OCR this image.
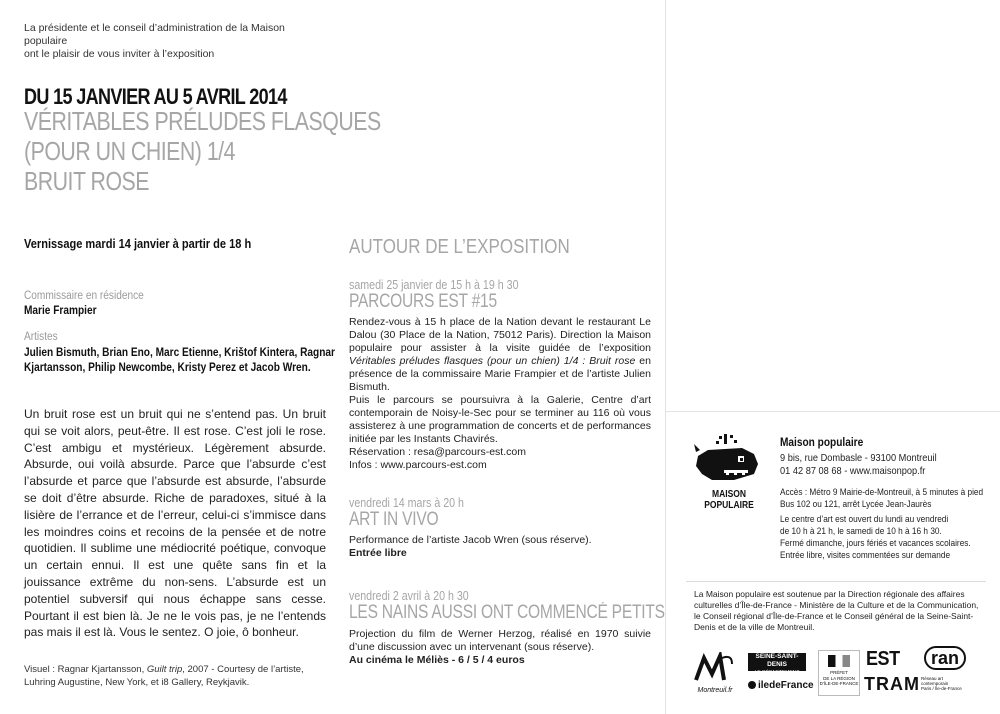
La présidente et le conseil d’administration de la Maison populaire
ont le plaisir de vous inviter à l’exposition
DU 15 JANVIER AU 5 AVRIL 2014
VÉRITABLES PRÉLUDES FLASQUES
(POUR UN CHIEN) 1/4
BRUIT ROSE
Vernissage mardi 14 janvier à partir de 18 h
Commissaire en résidence
Marie Frampier
Artistes
Julien Bismuth, Brian Eno, Marc Etienne, Krištof Kintera, Ragnar Kjartansson, Philip Newcombe, Kristy Perez et Jacob Wren.
Un bruit rose est un bruit qui ne s’entend pas. Un bruit qui se voit alors, peut-être. Il est rose. C’est joli le rose. C’est ambigu et mystérieux. Légèrement absurde. Absurde, oui voilà absurde. Parce que l’absurde c’est l’absurde et parce que l’absurde est absurde, l’absurde se doit d’être absurde. Riche de paradoxes, situé à la lisière de l’errance et de l’erreur, celui-ci s’immisce dans les moindres coins et recoins de la pensée et de notre quotidien. Il sublime une médiocrité poétique, convoque un certain ennui. Il est une quête sans fin et la jouissance extrême du non-sens. L’absurde est un potentiel subversif qui nous échappe sans cesse. Pourtant il est bien là. Je ne le vois pas, je ne l’entends pas mais il est là. Vous le sentez. O joie, ô bonheur.
Visuel : Ragnar Kjartansson, Guilt trip, 2007 - Courtesy de l’artiste, Luhring Augustine, New York, et i8 Gallery, Reykjavik.
AUTOUR DE L’EXPOSITION
samedi 25 janvier de 15 h à 19 h 30
PARCOURS EST #15
Rendez-vous à 15 h place de la Nation devant le restaurant Le Dalou (30 Place de la Nation, 75012 Paris). Direction la Maison populaire pour assister à la visite guidée de l’exposition Véritables préludes flasques (pour un chien) 1/4 : Bruit rose en présence de la commissaire Marie Frampier et de l’artiste Julien Bismuth.
Puis le parcours se poursuivra à la Galerie, Centre d’art contemporain de Noisy-le-Sec pour se terminer au 116 où vous assisterez à une programmation de concerts et de performances initiée par les Instants Chavirés.
Réservation : resa@parcours-est.com
Infos : www.parcours-est.com
vendredi 14 mars à 20 h
ART IN VIVO
Performance de l’artiste Jacob Wren (sous réserve).
Entrée libre
vendredi 2 avril à 20 h 30
LES NAINS AUSSI ONT COMMENCÉ PETITS
Projection du film de Werner Herzog, réalisé en 1970 suivie d’une discussion avec un intervenant (sous réserve).
Au cinéma le Méliès - 6 / 5 / 4 euros
MAISON
POPULAIRE
Maison populaire
9 bis, rue Dombasle - 93100 Montreuil
01 42 87 08 68 - www.maisonpop.fr
Accès : Métro 9 Mairie-de-Montreuil, à 5 minutes à pied
Bus 102 ou 121, arrêt Lycée Jean-Jaurès
Le centre d’art est ouvert du lundi au vendredi
de 10 h à 21 h, le samedi de 10 h à 16 h 30.
Fermé dimanche, jours fériés et vacances scolaires.
Entrée libre, visites commentées sur demande
La Maison populaire est soutenue par la Direction régionale des affaires culturelles d’Île-de-France - Ministère de la Culture et de la Communication, le Conseil régional d’Île-de-France et le Conseil général de la Seine-Saint-Denis et de la ville de Montreuil.
Montreuil.fr
SEINE-SAINT-DENIS
LE DÉPARTEMENT
iledeFrance
PRÉFET
DE LA RÉGION
D’ÎLE-DE-FRANCE
EST
TRAM Réseau art
contemporain
Paris / Île-de-France
ran
